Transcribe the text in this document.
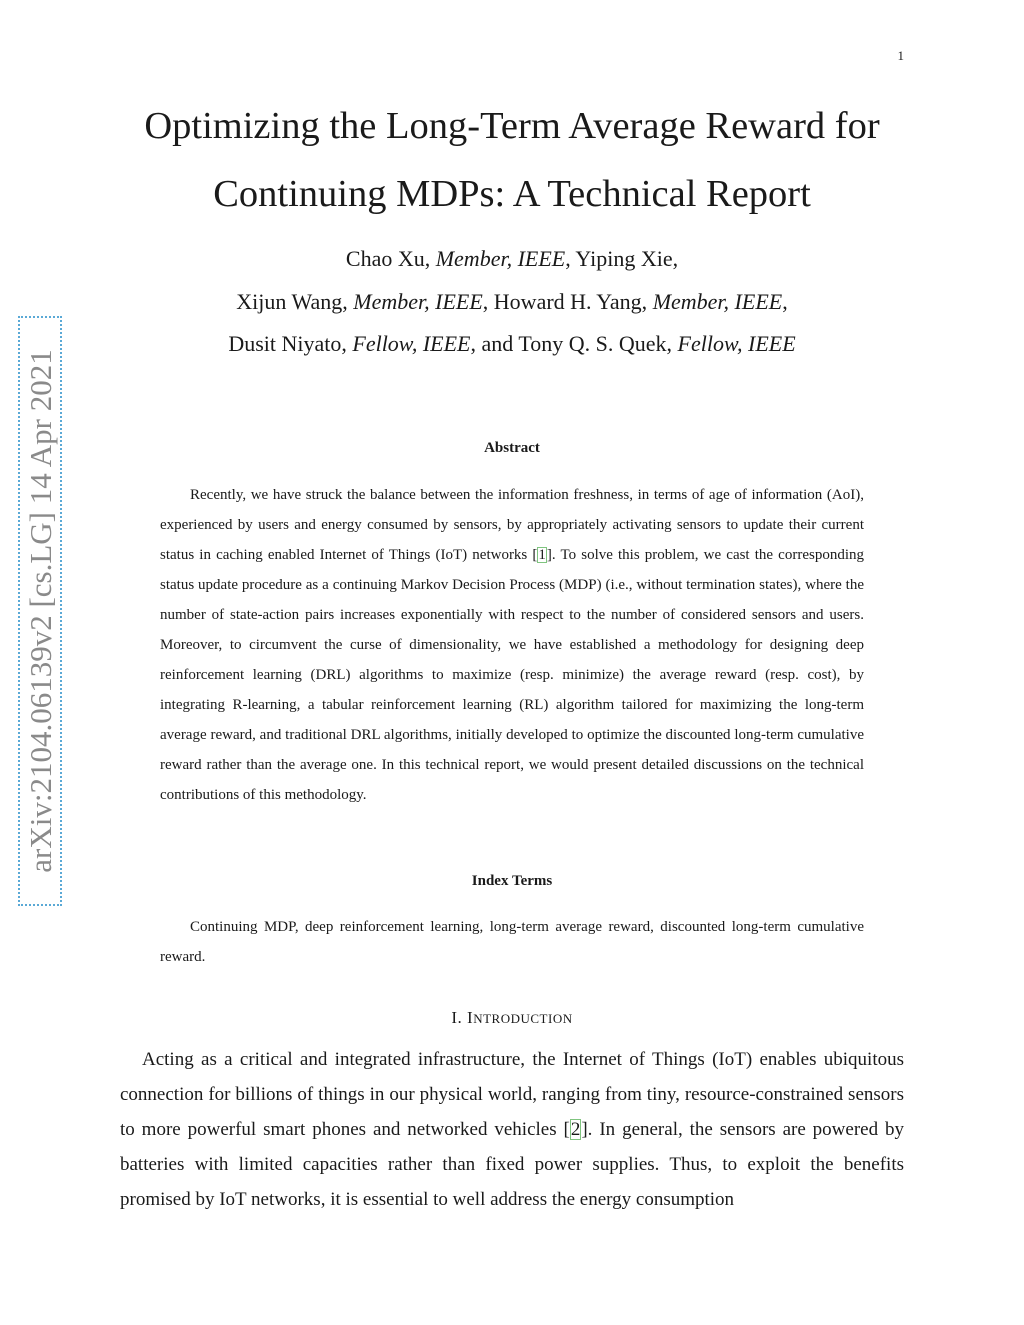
1
arXiv:2104.06139v2 [cs.LG] 14 Apr 2021
Optimizing the Long-Term Average Reward for Continuing MDPs: A Technical Report
Chao Xu, Member, IEEE, Yiping Xie,
Xijun Wang, Member, IEEE, Howard H. Yang, Member, IEEE,
Dusit Niyato, Fellow, IEEE, and Tony Q. S. Quek, Fellow, IEEE
Abstract

Recently, we have struck the balance between the information freshness, in terms of age of information (AoI), experienced by users and energy consumed by sensors, by appropriately activating sensors to update their current status in caching enabled Internet of Things (IoT) networks [1]. To solve this problem, we cast the corresponding status update procedure as a continuing Markov Decision Process (MDP) (i.e., without termination states), where the number of state-action pairs increases exponentially with respect to the number of considered sensors and users. Moreover, to circumvent the curse of dimensionality, we have established a methodology for designing deep reinforcement learning (DRL) algorithms to maximize (resp. minimize) the average reward (resp. cost), by integrating R-learning, a tabular reinforcement learning (RL) algorithm tailored for maximizing the long-term average reward, and traditional DRL algorithms, initially developed to optimize the discounted long-term cumulative reward rather than the average one. In this technical report, we would present detailed discussions on the technical contributions of this methodology.

Index Terms

Continuing MDP, deep reinforcement learning, long-term average reward, discounted long-term cumulative reward.

I. INTRODUCTION

Acting as a critical and integrated infrastructure, the Internet of Things (IoT) enables ubiquitous connection for billions of things in our physical world, ranging from tiny, resource-constrained sensors to more powerful smart phones and networked vehicles [2]. In general, the sensors are powered by batteries with limited capacities rather than fixed power supplies. Thus, to exploit the benefits promised by IoT networks, it is essential to well address the energy consumption
